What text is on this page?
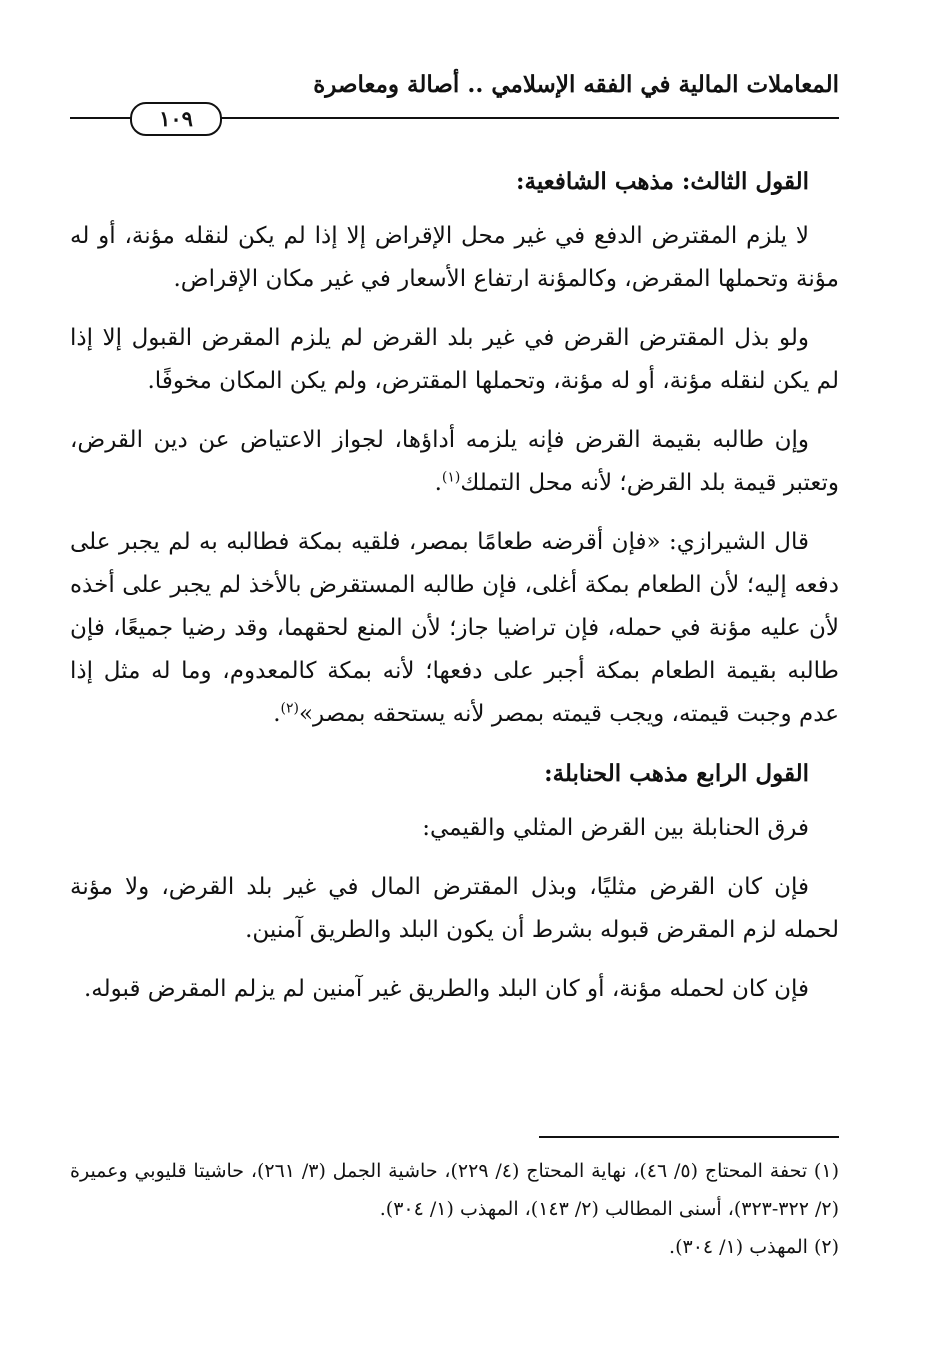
المعاملات المالية في الفقه الإسلامي .. أصالة ومعاصرة
١٠٩

القول الثالث: مذهب الشافعية:

لا يلزم المقترض الدفع في غير محل الإقراض إلا إذا لم يكن لنقله مؤنة، أو له مؤنة وتحملها المقرض، وكالمؤنة ارتفاع الأسعار في غير مكان الإقراض.

ولو بذل المقترض القرض في غير بلد القرض لم يلزم المقرض القبول إلا إذا لم يكن لنقله مؤنة، أو له مؤنة، وتحملها المقترض، ولم يكن المكان مخوفًا.

وإن طالبه بقيمة القرض فإنه يلزمه أداؤها، لجواز الاعتياض عن دين القرض، وتعتبر قيمة بلد القرض؛ لأنه محل التملك$^{(١)}$.

قال الشيرازي: «فإن أقرضه طعامًا بمصر، فلقيه بمكة فطالبه به لم يجبر على دفعه إليه؛ لأن الطعام بمكة أغلى، فإن طالبه المستقرض بالأخذ لم يجبر على أخذه لأن عليه مؤنة في حمله، فإن تراضيا جاز؛ لأن المنع لحقهما، وقد رضيا جميعًا، فإن طالبه بقيمة الطعام بمكة أجبر على دفعها؛ لأنه بمكة كالمعدوم، وما له مثل إذا عدم وجبت قيمته، ويجب قيمته بمصر لأنه يستحقه بمصر»$^{(٢)}$.

القول الرابع مذهب الحنابلة:

فرق الحنابلة بين القرض المثلي والقيمي:

فإن كان القرض مثليًا، وبذل المقترض المال في غير بلد القرض، ولا مؤنة لحمله لزم المقرض قبوله بشرط أن يكون البلد والطريق آمنين.

فإن كان لحمله مؤنة، أو كان البلد والطريق غير آمنين لم يزلم المقرض قبوله.

(١) تحفة المحتاج (٥/ ٤٦)، نهاية المحتاج (٤/ ٢٢٩)، حاشية الجمل (٣/ ٢٦١)، حاشيتا قليوبي وعميرة (٢/ ٣٢٢-٣٢٣)، أسنى المطالب (٢/ ١٤٣)، المهذب (١/ ٣٠٤).

(٢) المهذب (١/ ٣٠٤).
